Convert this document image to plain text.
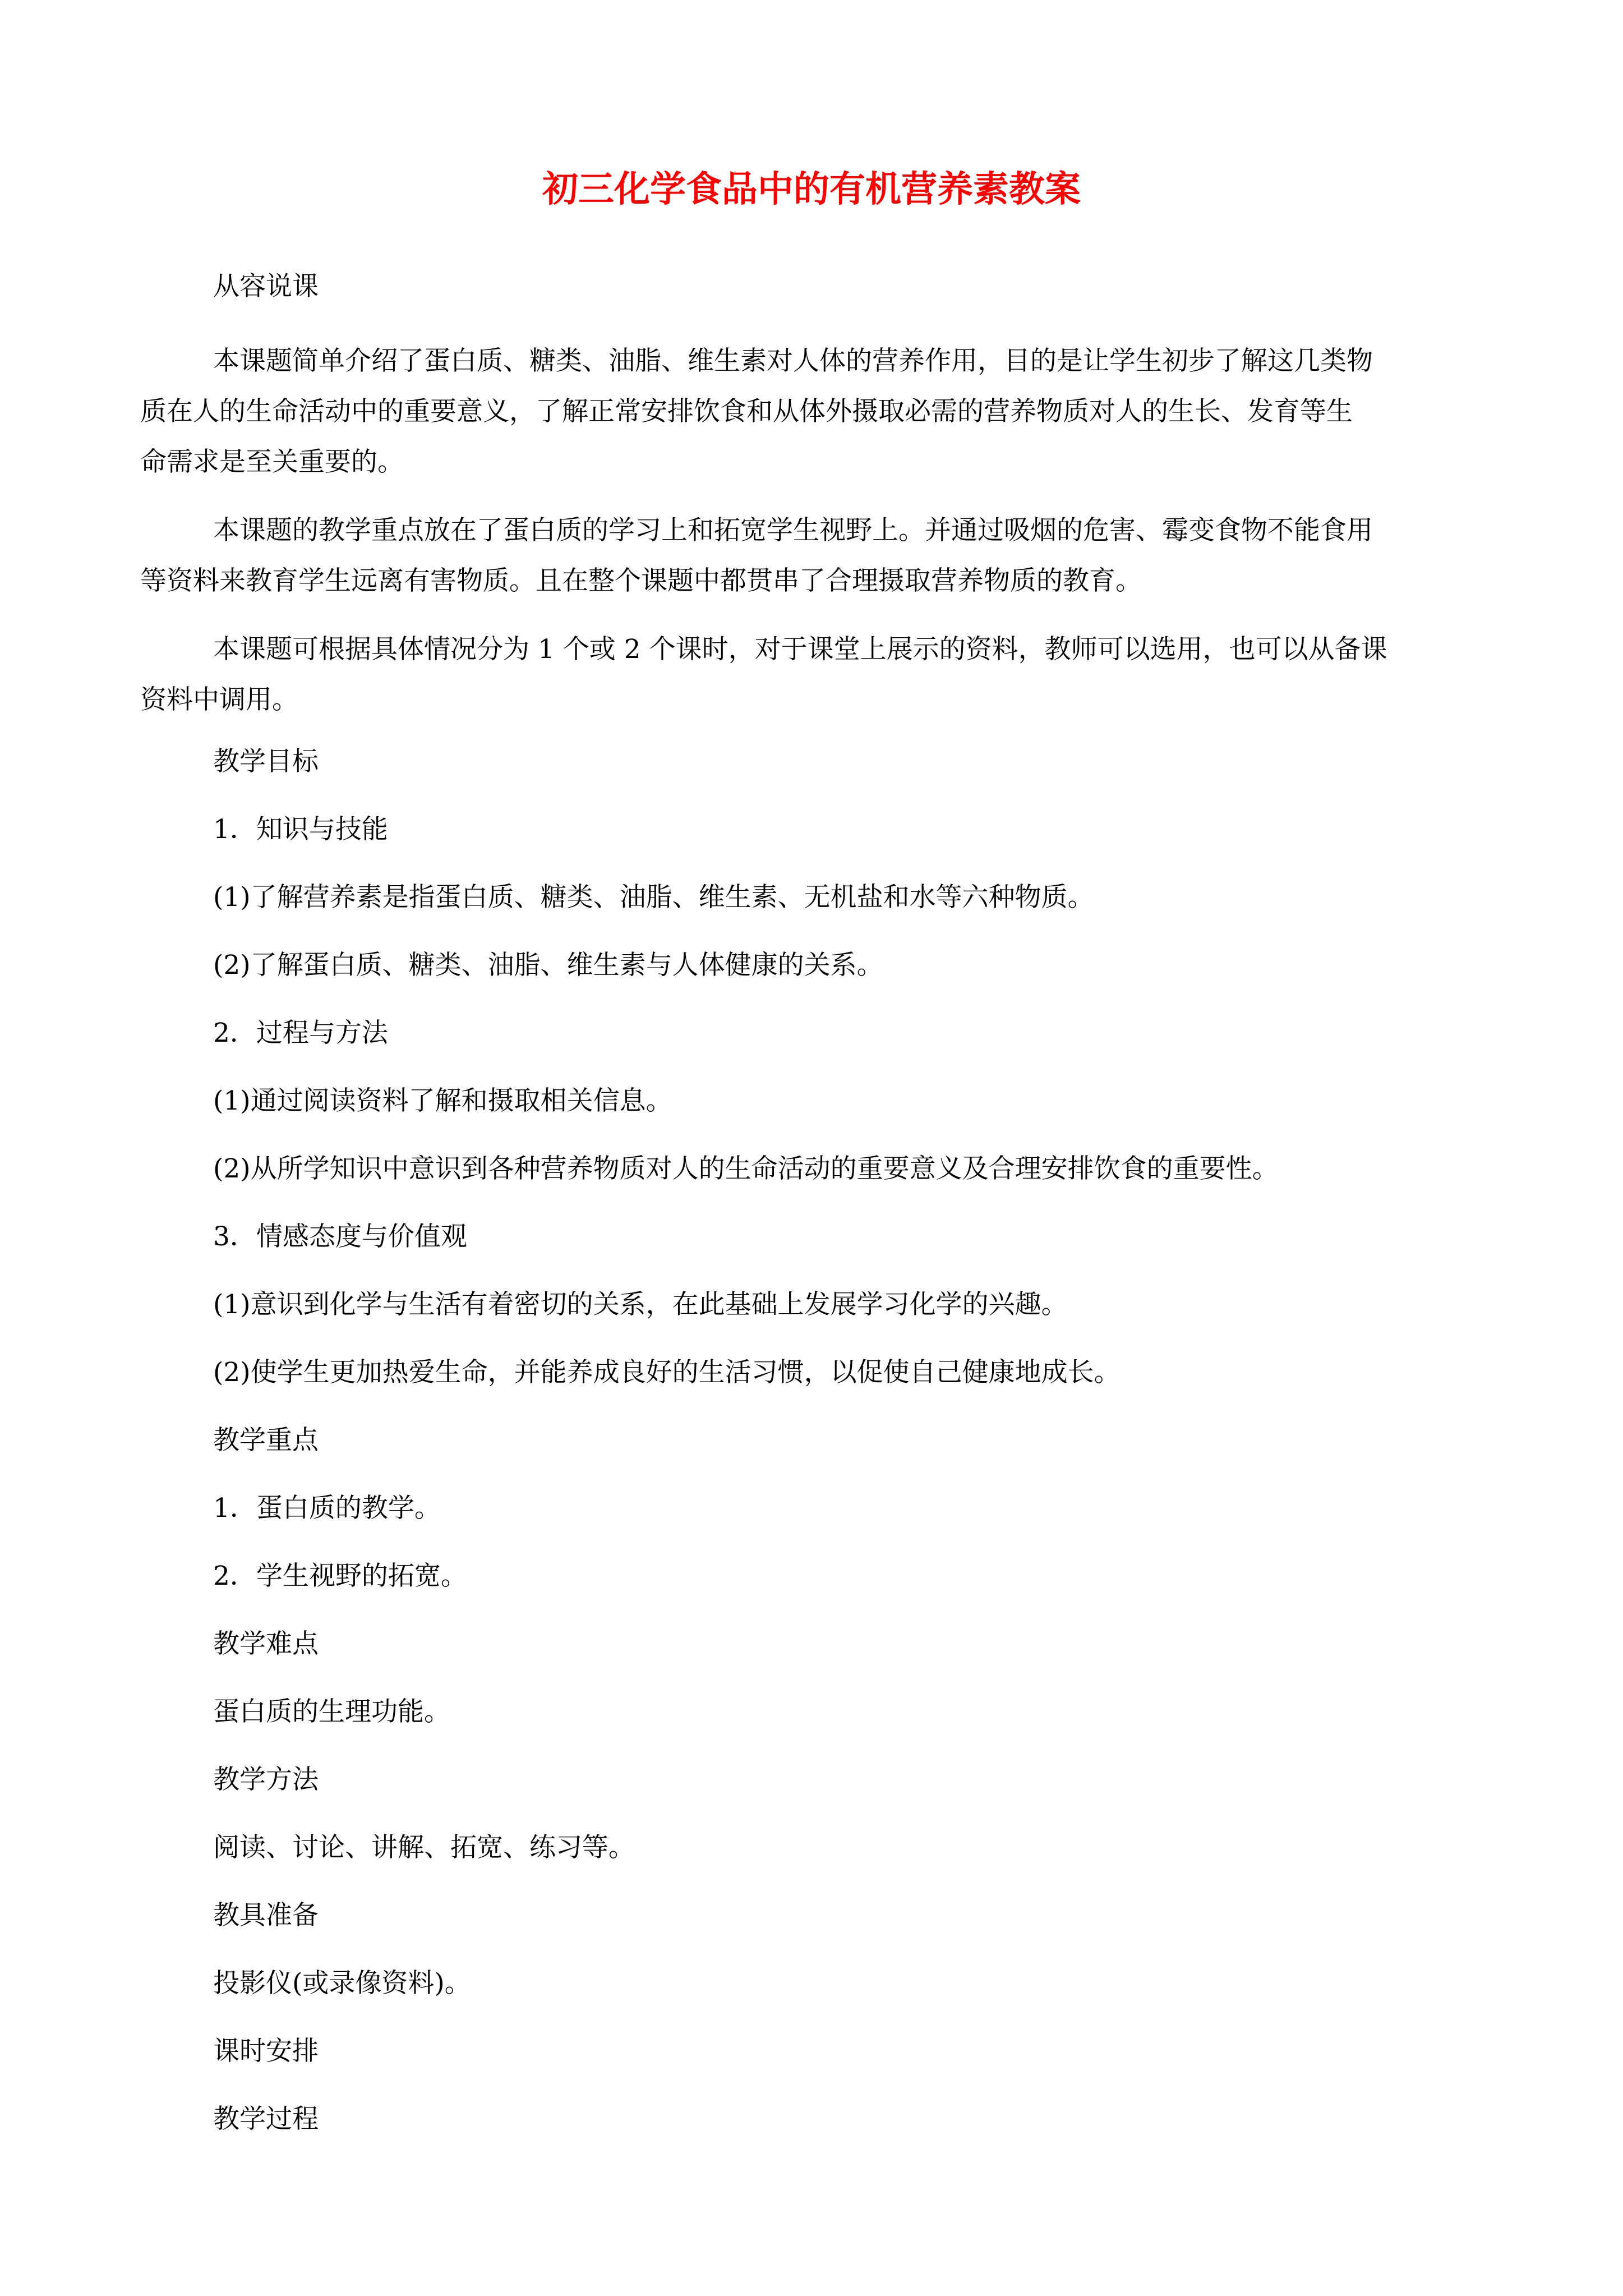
初三化学食品中的有机营养素教案

从容说课

本课题简单介绍了蛋白质、糖类、油脂、维生素对人体的营养作用，目的是让学生初步了解这几类物
质在人的生命活动中的重要意义，了解正常安排饮食和从体外摄取必需的营养物质对人的生长、发育等生
命需求是至关重要的。
本课题的教学重点放在了蛋白质的学习上和拓宽学生视野上。并通过吸烟的危害、霉变食物不能食用
等资料来教育学生远离有害物质。且在整个课题中都贯串了合理摄取营养物质的教育。
本课题可根据具体情况分为 1 个或 2 个课时，对于课堂上展示的资料，教师可以选用，也可以从备课
资料中调用。

教学目标

1．知识与技能

(1)了解营养素是指蛋白质、糖类、油脂、维生素、无机盐和水等六种物质。

(2)了解蛋白质、糖类、油脂、维生素与人体健康的关系。

2．过程与方法

(1)通过阅读资料了解和摄取相关信息。

(2)从所学知识中意识到各种营养物质对人的生命活动的重要意义及合理安排饮食的重要性。

3．情感态度与价值观

(1)意识到化学与生活有着密切的关系，在此基础上发展学习化学的兴趣。

(2)使学生更加热爱生命，并能养成良好的生活习惯，以促使自己健康地成长。

教学重点

1．蛋白质的教学。

2．学生视野的拓宽。

教学难点

蛋白质的生理功能。

教学方法

阅读、讨论、讲解、拓宽、练习等。

教具准备

投影仪(或录像资料)。

课时安排

教学过程
